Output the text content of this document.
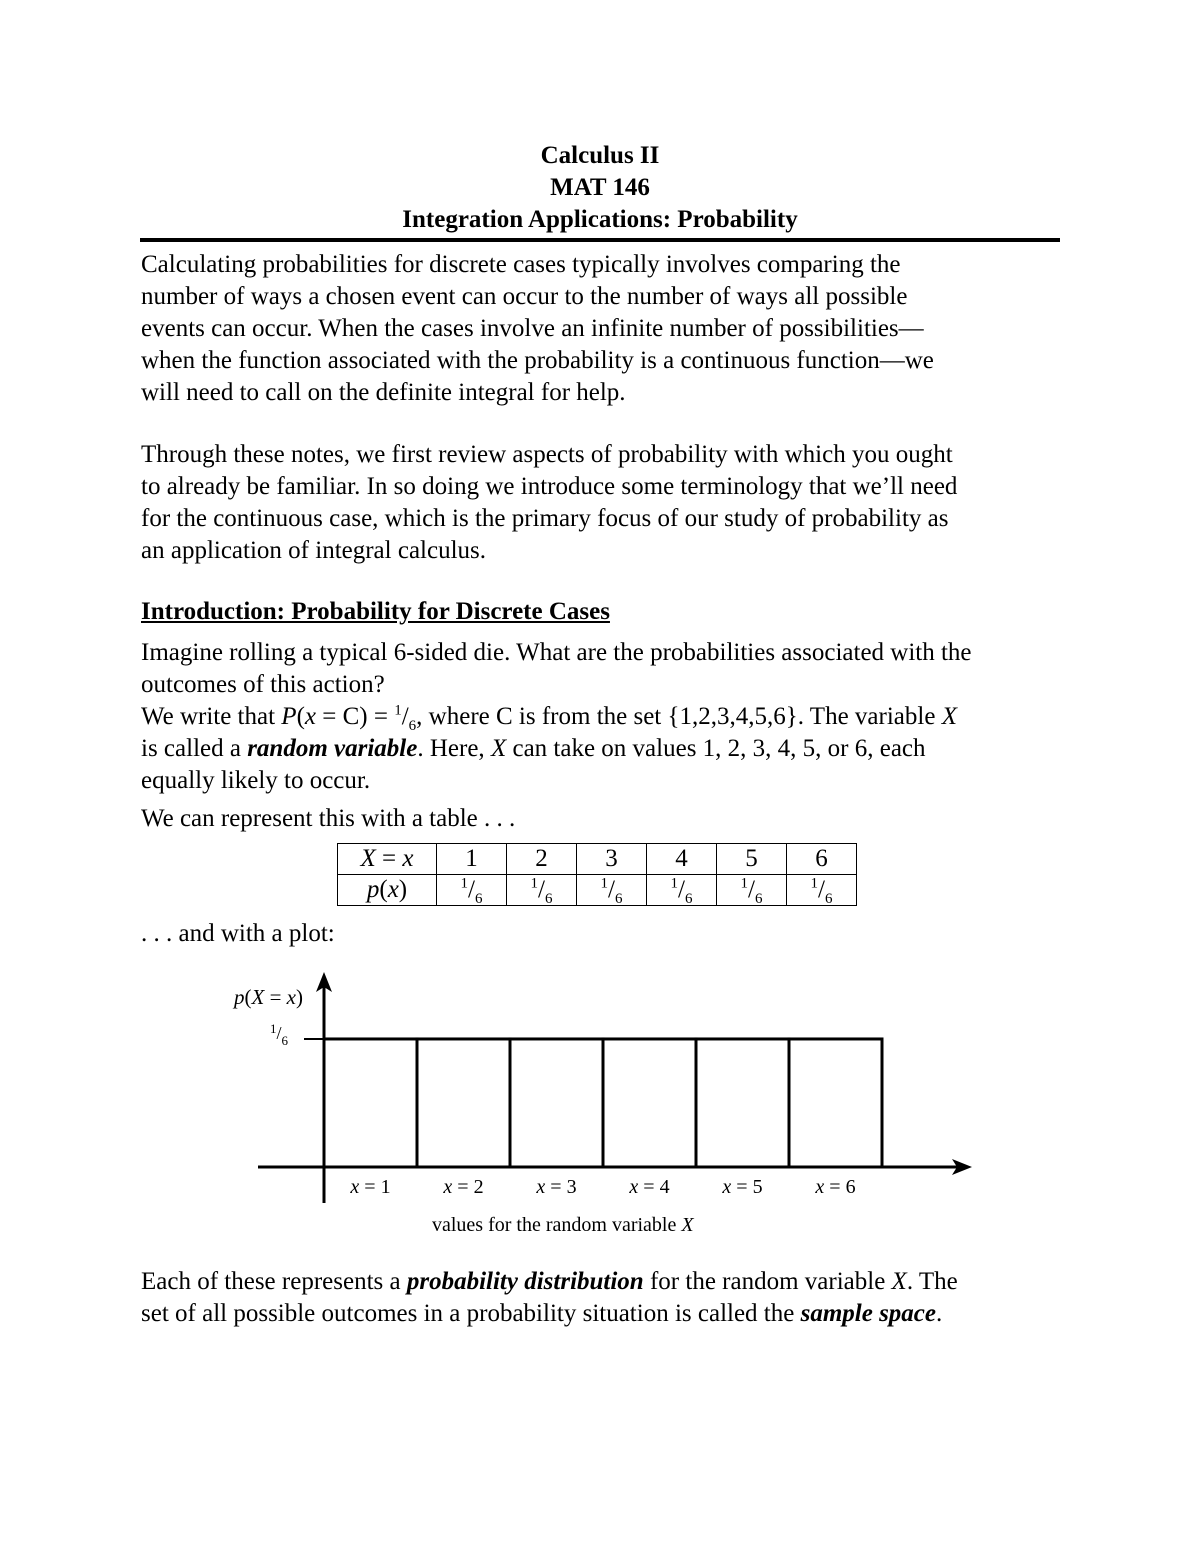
Calculus II
MAT 146
Integration Applications: Probability
Calculating probabilities for discrete cases typically involves comparing the
number of ways a chosen event can occur to the number of ways all possible
events can occur. When the cases involve an infinite number of possibilities—
when the function associated with the probability is a continuous function—we
will need to call on the definite integral for help.
Through these notes, we first review aspects of probability with which you ought
to already be familiar. In so doing we introduce some terminology that we’ll need
for the continuous case, which is the primary focus of our study of probability as
an application of integral calculus.
Introduction: Probability for Discrete Cases
Imagine rolling a typical 6-sided die. What are the probabilities associated with the
outcomes of this action?
We write that $P(x = C) = ^1/_6$, where C is from the set {1,2,3,4,5,6}. The variable X
is called a random variable. Here, X can take on values 1, 2, 3, 4, 5, or 6, each
equally likely to occur.
We can represent this with a table . . .
X = x	1	2	3	4	5	6
p(x)	$^1/_6$	$^1/_6$	$^1/_6$	$^1/_6$	$^1/_6$	$^1/_6$
. . . and with a plot:
x = 1	x = 2	x = 3	x = 4	x = 5	x = 6
$^1/_6$
p(X = x)
values for the random variable X
Each of these represents a probability distribution for the random variable X. The
set of all possible outcomes in a probability situation is called the sample space.
